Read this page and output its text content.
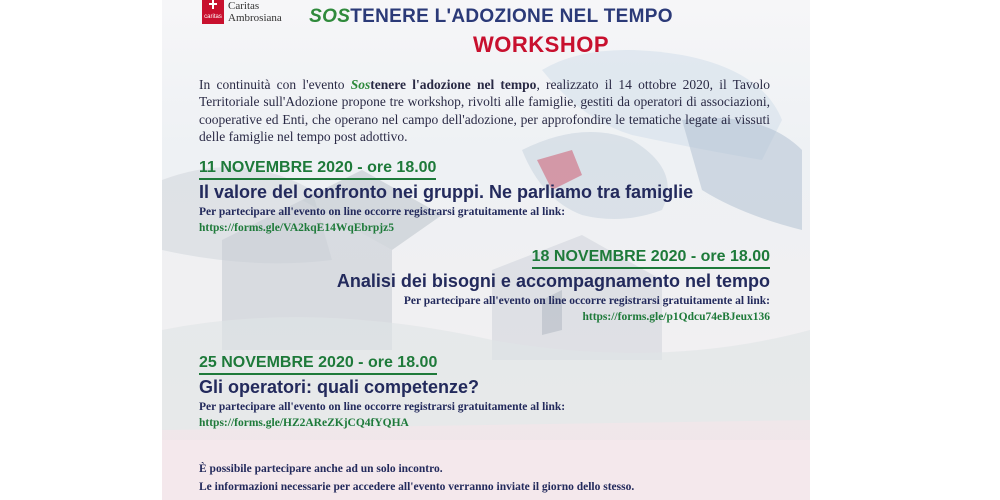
caritas
Caritas
Ambrosiana	SOSTENERE L'ADOZIONE NEL TEMPO
WORKSHOP
In continuità con l'evento Sostenere l'adozione nel tempo, realizzato il 14 ottobre 2020, il Tavolo Territoriale sull'Adozione propone tre workshop, rivolti alle famiglie, gestiti da operatori di associazioni, cooperative ed Enti, che operano nel campo dell'adozione, per approfondire le tematiche legate ai vissuti delle famiglie nel tempo post adottivo.
11 NOVEMBRE 2020 - ore 18.00
Il valore del confronto nei gruppi. Ne parliamo tra famiglie
Per partecipare all'evento on line occorre registrarsi gratuitamente al link:
https://forms.gle/VA2kqE14WqEbrpjz5
18 NOVEMBRE 2020 - ore 18.00
Analisi dei bisogni e accompagnamento nel tempo
Per partecipare all'evento on line occorre registrarsi gratuitamente al link:
https://forms.gle/p1Qdcu74eBJeux136
25 NOVEMBRE 2020 - ore 18.00
Gli operatori: quali competenze?
Per partecipare all'evento on line occorre registrarsi gratuitamente al link:
https://forms.gle/HZ2AReZKjCQ4fYQHA
È possibile partecipare anche ad un solo incontro.
Le informazioni necessarie per accedere all'evento verranno inviate il giorno dello stesso.
